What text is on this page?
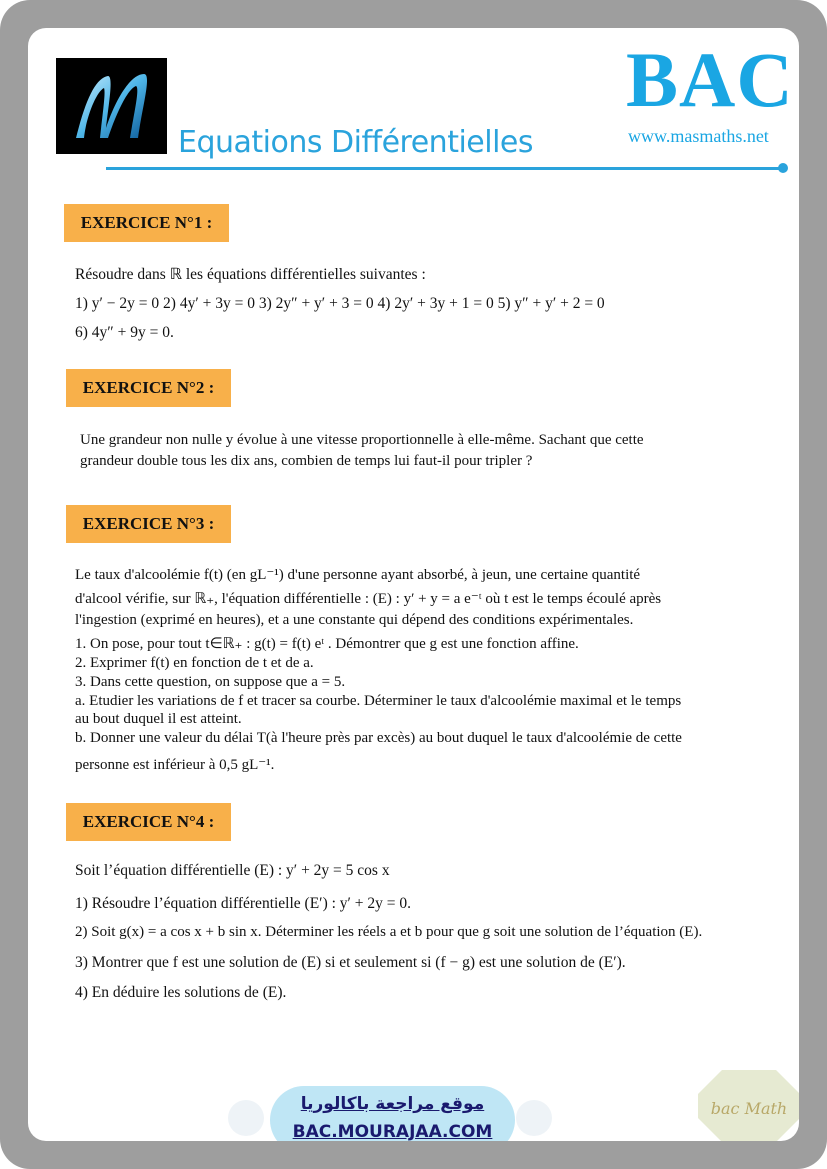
Equations Différentielles
BAC
www.masmaths.net
EXERCICE N°1 :
Résoudre dans ℝ les équations différentielles suivantes :
1) y′ − 2y = 0 2) 4y′ + 3y = 0 3) 2y″ + y′ + 3 = 0 4) 2y′ + 3y + 1 = 0 5) y″ + y′ + 2 = 0
6) 4y″ + 9y = 0.
EXERCICE N°2 :
Une grandeur non nulle y évolue à une vitesse proportionnelle à elle-même. Sachant que cette
grandeur double tous les dix ans, combien de temps lui faut-il pour tripler ?
EXERCICE N°3 :
Le taux d'alcoolémie f(t) (en gL⁻¹) d'une personne ayant absorbé, à jeun, une certaine quantité
d'alcool vérifie, sur ℝ₊, l'équation différentielle : (E) : y′ + y = a e⁻ᵗ où t est le temps écoulé après
l'ingestion (exprimé en heures), et a une constante qui dépend des conditions expérimentales.
1. On pose, pour tout t∈ℝ₊ : g(t) = f(t) eᵗ . Démontrer que g est une fonction affine.
2. Exprimer f(t) en fonction de t et de a.
3. Dans cette question, on suppose que a = 5.
a. Etudier les variations de f et tracer sa courbe. Déterminer le taux d'alcoolémie maximal et le temps
au bout duquel il est atteint.
b. Donner une valeur du délai T(à l'heure près par excès) au bout duquel le taux d'alcoolémie de cette
personne est inférieur à 0,5 gL⁻¹.
EXERCICE N°4 :
Soit l’équation différentielle (E) : y′ + 2y = 5 cos x
1) Résoudre l’équation différentielle (E′) : y′ + 2y = 0.
2) Soit g(x) = a cos x + b sin x. Déterminer les réels a et b pour que g soit une solution de l’équation (E).
3) Montrer que f est une solution de (E) si et seulement si (f − g) est une solution de (E′).
4) En déduire les solutions de (E).
موقع مراجعة باكالوريا
BAC.MOURAJAA.COM
bac Math
